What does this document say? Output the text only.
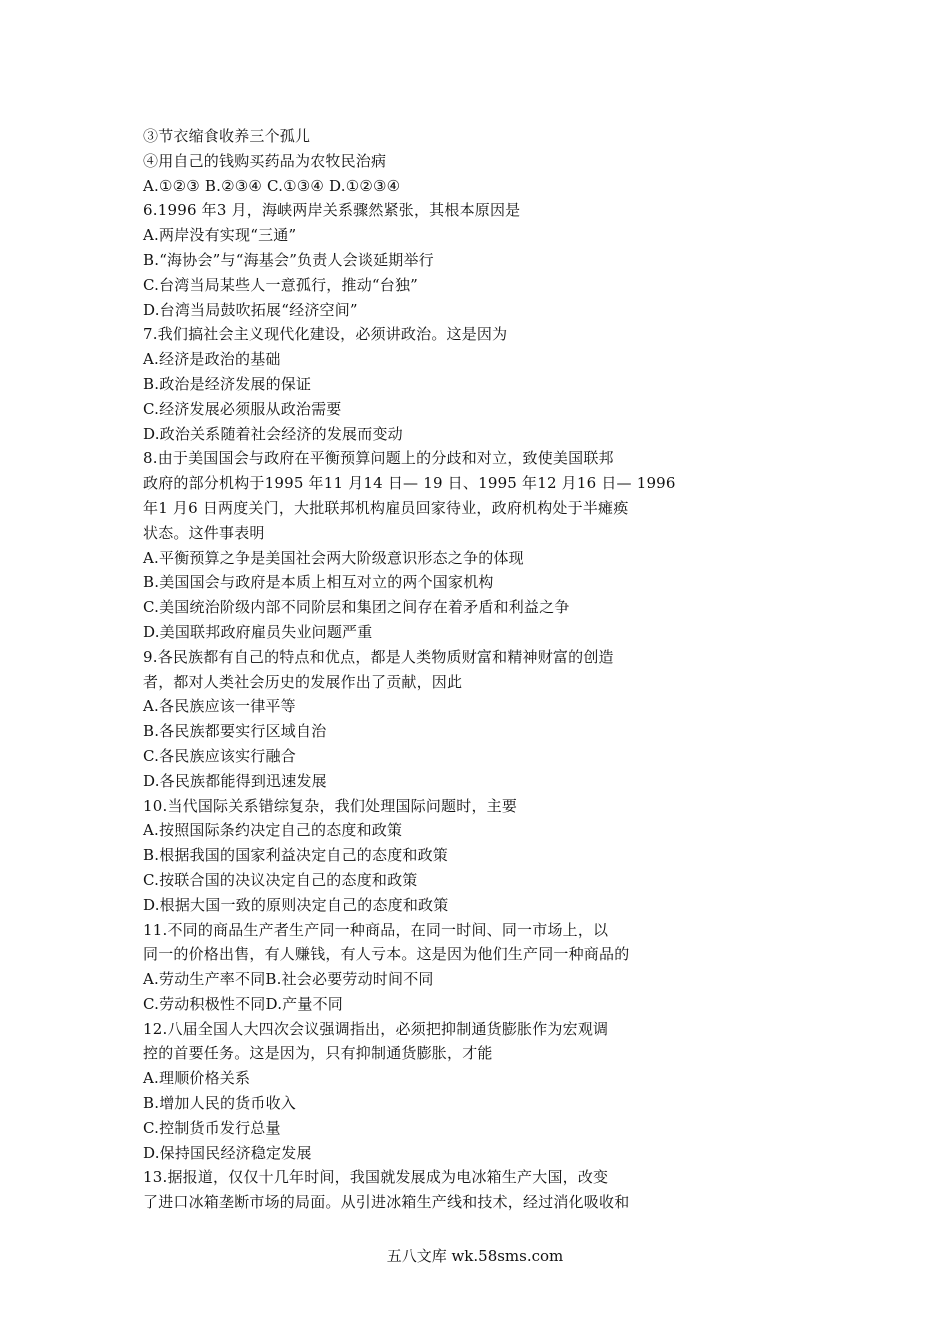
③节衣缩食收养三个孤儿
④用自己的钱购买药品为农牧民治病
A.①②③ B.②③④ C.①③④ D.①②③④
6.1996 年3 月，海峡两岸关系骤然紧张，其根本原因是
A.两岸没有实现“三通”
B.“海协会”与“海基会”负责人会谈延期举行
C.台湾当局某些人一意孤行，推动“台独”
D.台湾当局鼓吹拓展“经济空间”
7.我们搞社会主义现代化建设，必须讲政治。这是因为
A.经济是政治的基础
B.政治是经济发展的保证
C.经济发展必须服从政治需要
D.政治关系随着社会经济的发展而变动
8.由于美国国会与政府在平衡预算问题上的分歧和对立，致使美国联邦
政府的部分机构于1995 年11 月14 日— 19 日、1995 年12 月16 日— 1996
年1 月6 日两度关门，大批联邦机构雇员回家待业，政府机构处于半瘫痪
状态。这件事表明
A.平衡预算之争是美国社会两大阶级意识形态之争的体现
B.美国国会与政府是本质上相互对立的两个国家机构
C.美国统治阶级内部不同阶层和集团之间存在着矛盾和利益之争
D.美国联邦政府雇员失业问题严重
9.各民族都有自己的特点和优点，都是人类物质财富和精神财富的创造
者，都对人类社会历史的发展作出了贡献，因此
A.各民族应该一律平等
B.各民族都要实行区域自治
C.各民族应该实行融合
D.各民族都能得到迅速发展
10.当代国际关系错综复杂，我们处理国际问题时，主要
A.按照国际条约决定自己的态度和政策
B.根据我国的国家利益决定自己的态度和政策
C.按联合国的决议决定自己的态度和政策
D.根据大国一致的原则决定自己的态度和政策
11.不同的商品生产者生产同一种商品，在同一时间、同一市场上，以
同一的价格出售，有人赚钱，有人亏本。这是因为他们生产同一种商品的
A.劳动生产率不同B.社会必要劳动时间不同
C.劳动积极性不同D.产量不同
12.八届全国人大四次会议强调指出，必须把抑制通货膨胀作为宏观调
控的首要任务。这是因为，只有抑制通货膨胀，才能
A.理顺价格关系
B.增加人民的货币收入
C.控制货币发行总量
D.保持国民经济稳定发展
13.据报道，仅仅十几年时间，我国就发展成为电冰箱生产大国，改变
了进口冰箱垄断市场的局面。从引进冰箱生产线和技术，经过消化吸收和
五八文库 wk.58sms.com
